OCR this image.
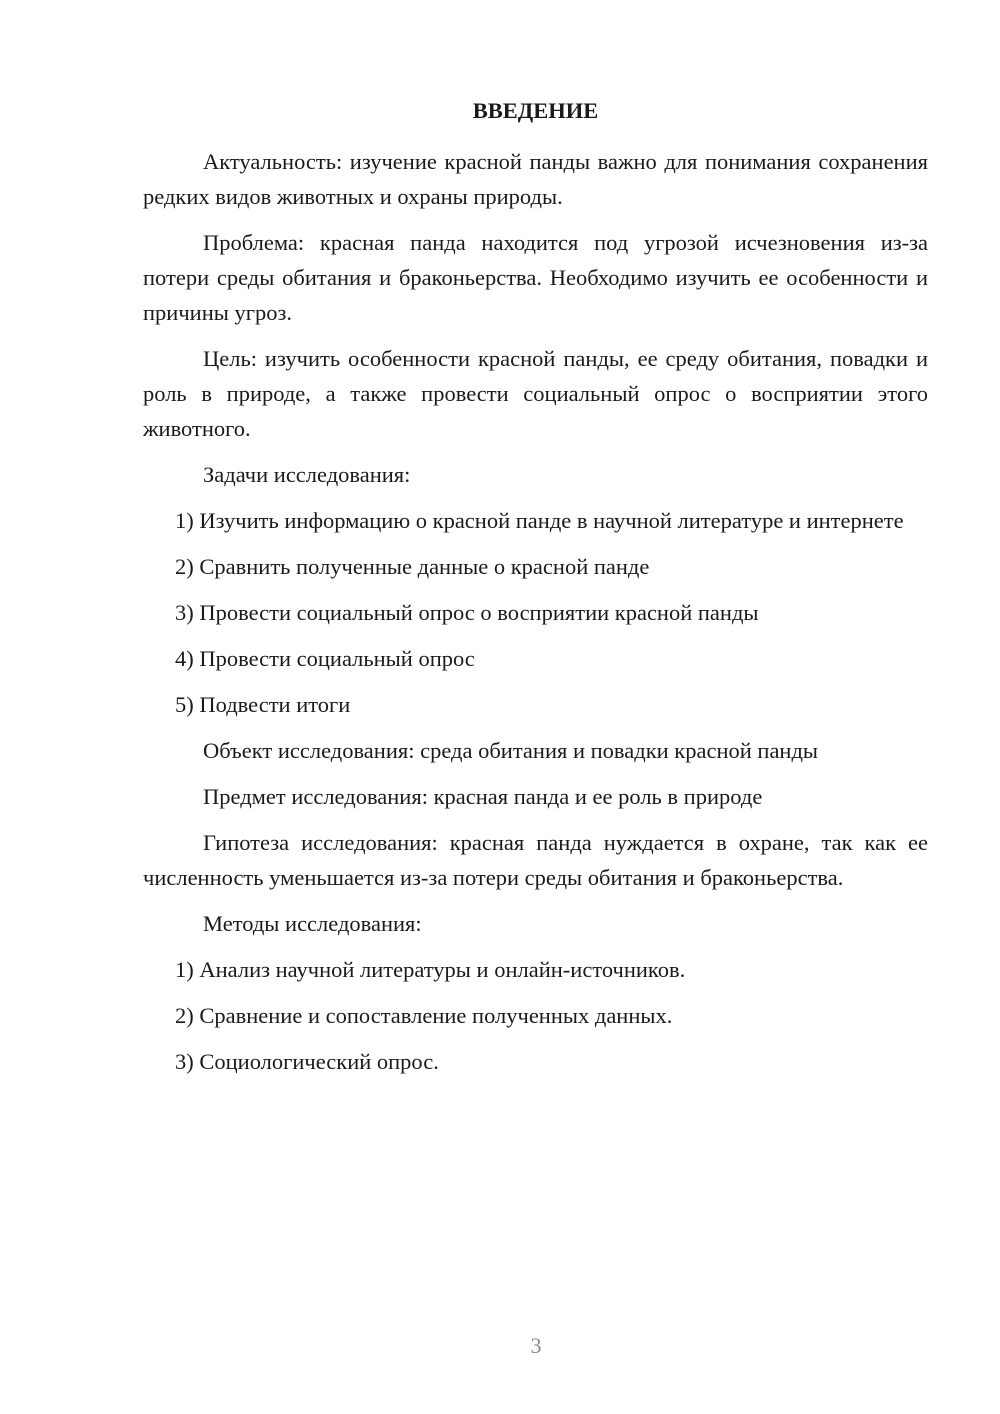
ВВЕДЕНИЕ

Актуальность: изучение красной панды важно для понимания сохранения редких видов животных и охраны природы.

Проблема: красная панда находится под угрозой исчезновения из-за потери среды обитания и браконьерства. Необходимо изучить ее особенности и причины угроз.

Цель: изучить особенности красной панды, ее среду обитания, повадки и роль в природе, а также провести социальный опрос о восприятии этого животного.

Задачи исследования:

1) Изучить информацию о красной панде в научной литературе и интернете

2) Сравнить полученные данные о красной панде

3) Провести социальный опрос о восприятии красной панды

4) Провести социальный опрос

5) Подвести итоги

Объект исследования: среда обитания и повадки красной панды

Предмет исследования: красная панда и ее роль в природе

Гипотеза исследования: красная панда нуждается в охране, так как ее численность уменьшается из-за потери среды обитания и браконьерства.

Методы исследования:

1) Анализ научной литературы и онлайн-источников.

2) Сравнение и сопоставление полученных данных.

3) Социологический опрос.

3
